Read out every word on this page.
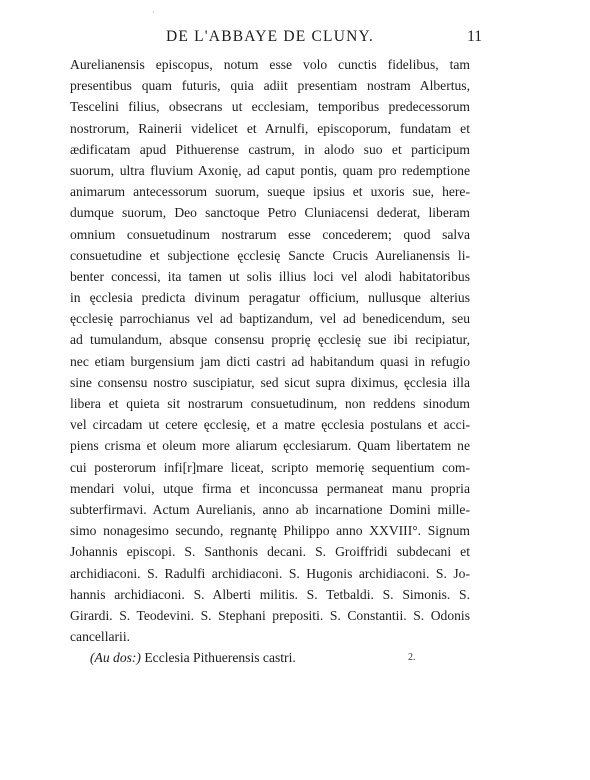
·
DE L'ABBAYE DE CLUNY.	11
Aurelianensis episcopus, notum esse volo cunctis fidelibus, tam
presentibus quam futuris, quia adiit presentiam nostram Albertus,
Tescelini filius, obsecrans ut ecclesiam, temporibus predecessorum
nostrorum, Rainerii videlicet et Arnulfi, episcoporum, fundatam et
ædificatam apud Pithuerense castrum, in alodo suo et participum
suorum, ultra fluvium Axonię, ad caput pontis, quam pro redemptione
animarum antecessorum suorum, sueque ipsius et uxoris sue, here-
dumque suorum, Deo sanctoque Petro Cluniacensi dederat, liberam
omnium consuetudinum nostrarum esse concederem; quod salva
consuetudine et subjectione ęcclesię Sancte Crucis Aurelianensis li-
benter concessi, ita tamen ut solis illius loci vel alodi habitatoribus
in ęcclesia predicta divinum peragatur officium, nullusque alterius
ęcclesię parrochianus vel ad baptizandum, vel ad benedicendum, seu
ad tumulandum, absque consensu proprię ęcclesię sue ibi recipiatur,
nec etiam burgensium jam dicti castri ad habitandum quasi in refugio
sine consensu nostro suscipiatur, sed sicut supra diximus, ęcclesia illa
libera et quieta sit nostrarum consuetudinum, non reddens sinodum
vel circadam ut cetere ęcclesię, et a matre ęcclesia postulans et acci-
piens crisma et oleum more aliarum ęcclesiarum. Quam libertatem ne
cui posterorum infi[r]mare liceat, scripto memorię sequentium com-
mendari volui, utque firma et inconcussa permaneat manu propria
subterfirmavi. Actum Aurelianis, anno ab incarnatione Domini mille-
simo nonagesimo secundo, regnantę Philippo anno XXVIII°. Signum
Johannis episcopi. S. Santhonis decani. S. Groiffridi subdecani et
archidiaconi. S. Radulfi archidiaconi. S. Hugonis archidiaconi. S. Jo-
hannis archidiaconi. S. Alberti militis. S. Tetbaldi. S. Simonis. S.
Girardi. S. Teodevini. S. Stephani prepositi. S. Constantii. S. Odonis
cancellarii.
(Au dos:) Ecclesia Pithuerensis castri.	2.
